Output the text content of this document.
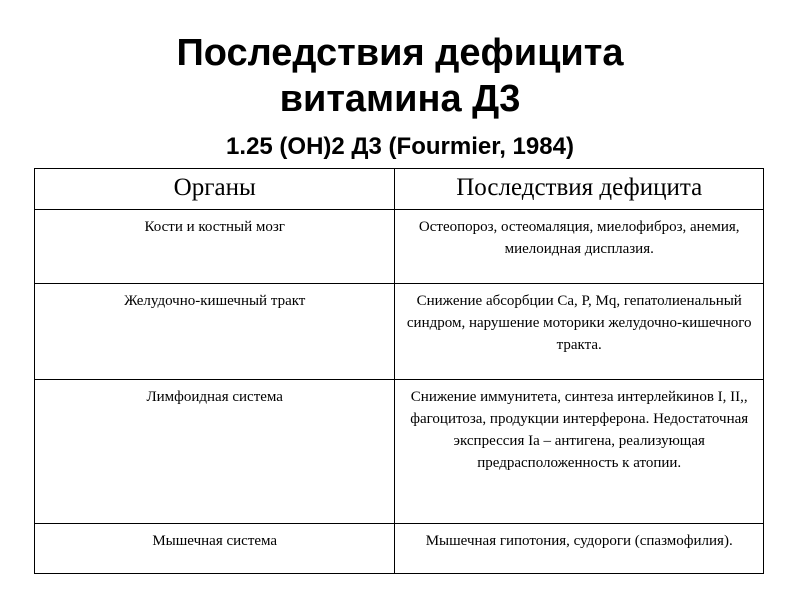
Последствия дефицита
витамина Д3
1.25 (OH)2 Д3 (Fourmier, 1984)
Органы	Последствия дефицита
Кости и костный мозг	Остеопороз, остеомаляция, миелофиброз, анемия, миелоидная дисплазия.
Желудочно-кишечный тракт	Снижение абсорбции Са, Р, Mq, гепатолиенальный синдром, нарушение моторики желудочно-кишечного тракта.
Лимфоидная система	Снижение иммунитета, синтеза интерлейкинов I, II,, фагоцитоза, продукции интерферона. Недостаточная экспрессия Ia – антигена, реализующая предрасположенность к атопии.
Мышечная система	Мышечная гипотония, судороги (спазмофилия).
